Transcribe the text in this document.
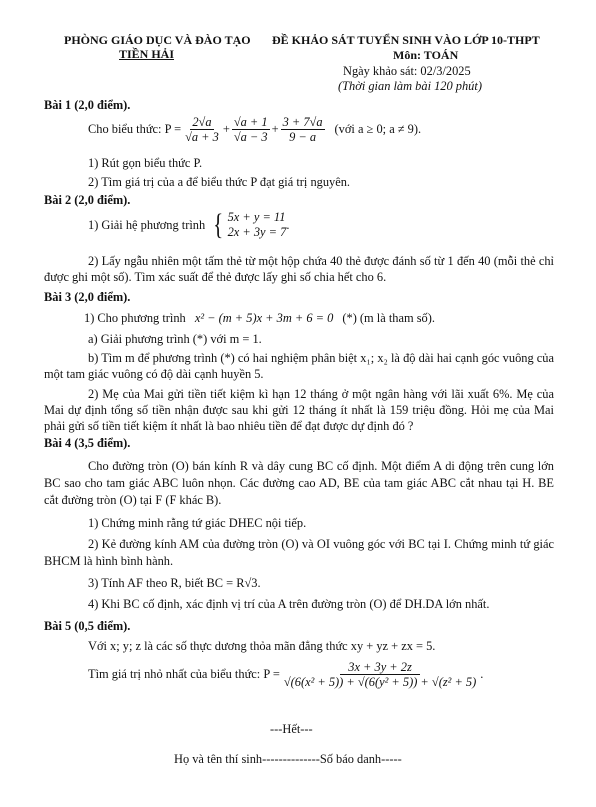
PHÒNG GIÁO DỤC VÀ ĐÀO TẠO
TIỀN HẢI
ĐỀ KHẢO SÁT TUYỂN SINH VÀO LỚP 10-THPT
Môn: TOÁN
Ngày khảo sát: 02/3/2025
(Thời gian làm bài 120 phút)
Bài 1 (2,0 điểm).
Cho biểu thức: $P = \frac{2√a}{√a + 3} + \frac{√a + 1}{√a - 3} + \frac{3 + 7√a}{9 - a}$ (với a ≥ 0; a ≠ 9).
1) Rút gọn biểu thức P.
2) Tìm giá trị của a để biểu thức P đạt giá trị nguyên.
Bài 2 (2,0 điểm).
1) Giải hệ phương trình { 5x + y = 11
2x + 3y = 7
.
2) Lấy ngẫu nhiên một tấm thẻ từ một hộp chứa 40 thẻ được đánh số từ 1 đến 40 (mỗi thẻ chỉ được ghi một số). Tìm xác suất để thẻ được lấy ghi số chia hết cho 6.
Bài 3 (2,0 điểm).
1) Cho phương trình x² − (m + 5)x + 3m + 6 = 0 (*) (m là tham số).
a) Giải phương trình (*) với m = 1.
b) Tìm m để phương trình (*) có hai nghiệm phân biệt x₁; x₂ là độ dài hai cạnh góc vuông của một tam giác vuông có độ dài cạnh huyền 5.
2) Mẹ của Mai gửi tiền tiết kiệm kì hạn 12 tháng ở một ngân hàng với lãi xuất 6%. Mẹ của Mai dự định tổng số tiền nhận được sau khi gửi 12 tháng ít nhất là 159 triệu đồng. Hỏi mẹ của Mai phải gửi số tiền tiết kiệm ít nhất là bao nhiêu tiền để đạt được dự định đó ?
Bài 4 (3,5 điểm).
Cho đường tròn (O) bán kính R và dây cung BC cố định. Một điểm A di động trên cung lớn BC sao cho tam giác ABC luôn nhọn. Các đường cao AD, BE của tam giác ABC cắt nhau tại H. BE cắt đường tròn (O) tại F (F khác B).
1) Chứng minh rằng tứ giác DHEC nội tiếp.
2) Kẻ đường kính AM của đường tròn (O) và OI vuông góc với BC tại I. Chứng minh tứ giác BHCM là hình bình hành.
3) Tính AF theo R, biết BC = R√3.
4) Khi BC cố định, xác định vị trí của A trên đường tròn (O) để DH.DA lớn nhất.
Bài 5 (0,5 điểm).
Với x; y; z là các số thực dương thỏa mãn đẳng thức xy + yz + zx = 5.
Tìm giá trị nhỏ nhất của biểu thức: $P = \frac{3x + 3y + 2z}{\text{√(6(x² + 5)) + √(6(y² + 5)) + √(z² + 5)}}$ .
---Hết---
Họ và tên thí sinh--------------Số báo danh-----
